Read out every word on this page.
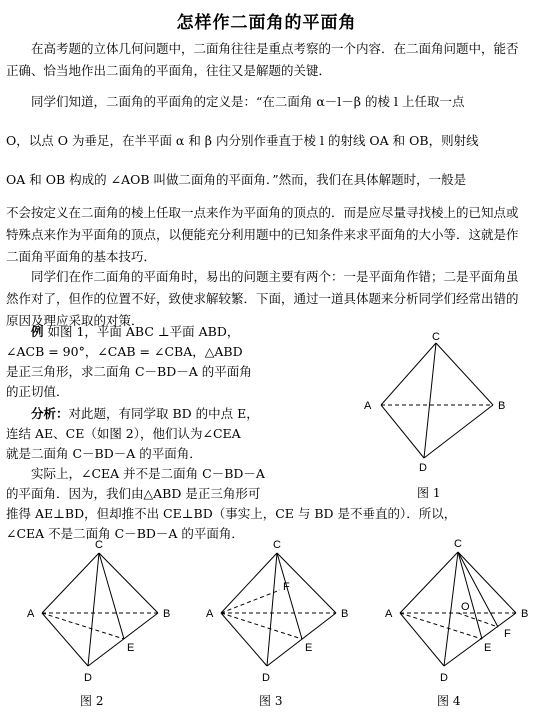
怎样作二面角的平面角
在高考题的立体几何问题中，二面角往往是重点考察的一个内容．在二面角问题中，能否正确、恰当地作出二面角的平面角，往往又是解题的关键．
同学们知道，二面角的平面角的定义是：“在二面角 α－l－β 的棱 l 上任取一点
O，以点 O 为垂足，在半平面 α 和 β 内分别作垂直于棱 l 的射线 OA 和 OB，则射线
OA 和 OB 构成的 ∠AOB 叫做二面角的平面角．”然而，我们在具体解题时，一般是
不会按定义在二面角的棱上任取一点来作为平面角的顶点的．而是应尽量寻找棱上的已知点或特殊点来作为平面角的顶点，以便能充分利用题中的已知条件来求平面角的大小等．这就是作二面角平面角的基本技巧．
同学们在作二面角的平面角时，易出的问题主要有两个：一是平面角作错；二是平面角虽然作对了，但作的位置不好，致使求解较繁．下面，通过一道具体题来分析同学们经常出错的原因及理应采取的对策．
例 如图 1，平面 ABC ⊥平面 ABD，
∠ACB = 90°，∠CAB = ∠CBA，△ABD
是正三角形，求二面角 C－BD－A 的平面角
的正切值．
分析：对此题，有同学取 BD 的中点 E，
连结 AE、CE（如图 2），他们认为∠CEA
就是二面角 C－BD－A 的平面角．
实际上，∠CEA 并不是二面角 C－BD－A
的平面角．因为，我们由△ABD 是正三角形可
推得 AE⊥BD，但却推不出 CE⊥BD（事实上，CE 与 BD 是不垂直的）．所以，
∠CEA 不是二面角 C－BD－A 的平面角．
C
A	B
D
C
A	B
E
D
C
F
A	B
E
D
C
O
A	B
F
E
D
图 1
图 2	图 3	图 4
